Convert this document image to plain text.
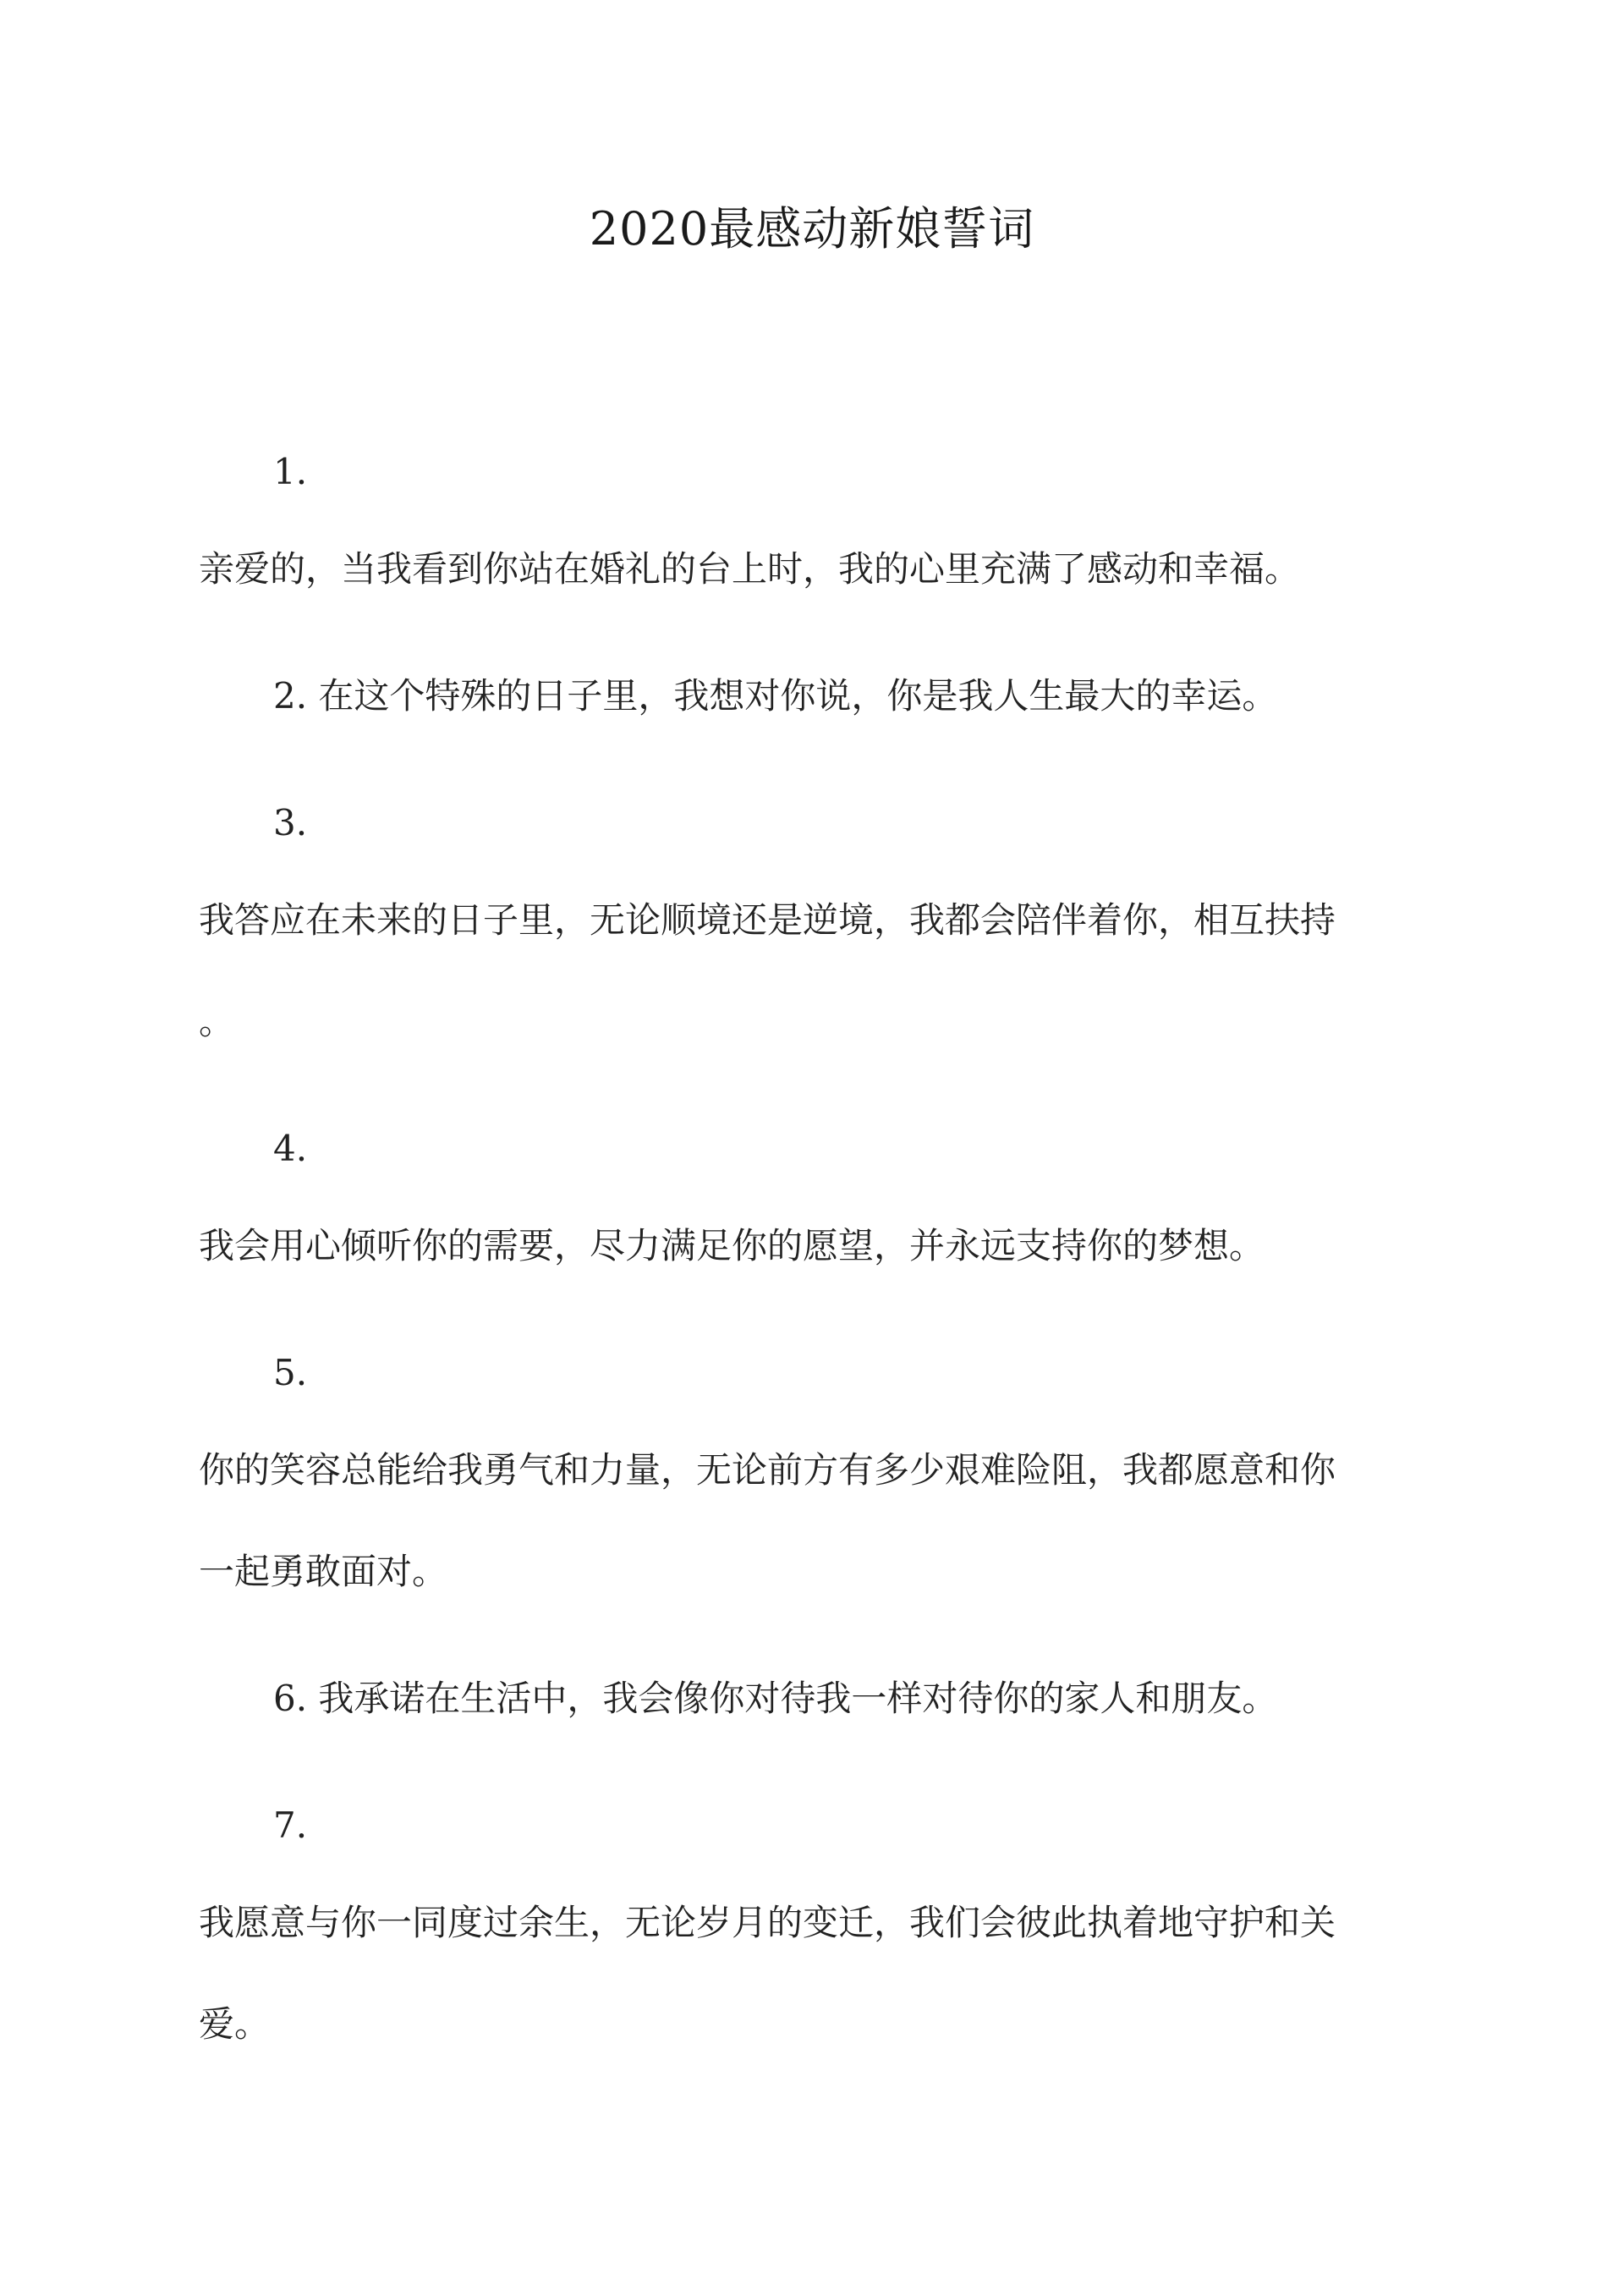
2020最感动新娘誓词
1.
亲爱的，当我看到你站在婚礼的台上时，我的心里充满了感动和幸福。
2. 在这个特殊的日子里，我想对你说，你是我人生最大的幸运。
3.
我答应在未来的日子里，无论顺境还是逆境，我都会陪伴着你，相互扶持
。
4.
我会用心倾听你的需要，尽力满足你的愿望，并永远支持你的梦想。
5.
你的笑容总能给我勇气和力量，无论前方有多少艰难险阻，我都愿意和你
一起勇敢面对。
6. 我承诺在生活中，我会像你对待我一样对待你的家人和朋友。
7.
我愿意与你一同度过余生，无论岁月的变迁，我们会彼此执着地守护和关
爱。
